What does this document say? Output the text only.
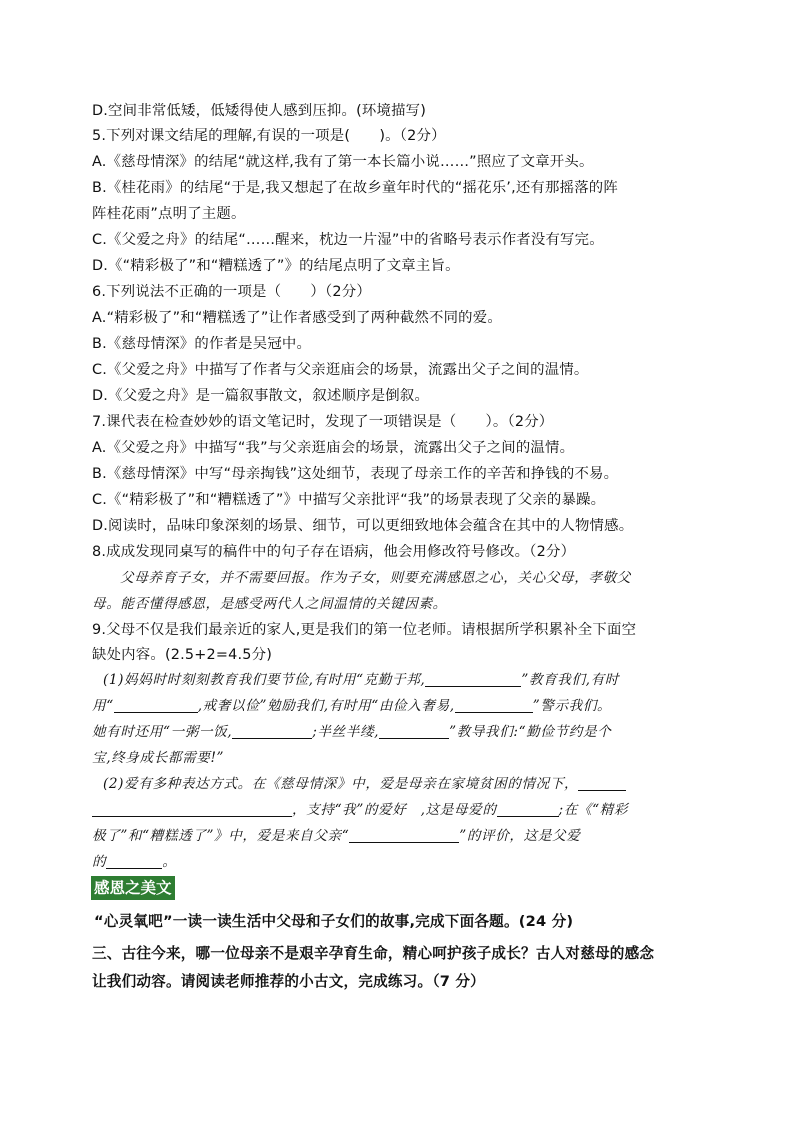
D.空间非常低矮，低矮得使人感到压抑。(环境描写)
5.下列对课文结尾的理解,有误的一项是(　　)。（2分）
A.《慈母情深》的结尾“就这样,我有了第一本长篇小说……”照应了文章开头。
B.《桂花雨》的结尾“于是,我又想起了在故乡童年时代的“摇花乐’,还有那摇落的阵
阵桂花雨”点明了主题。
C.《父爱之舟》的结尾“……醒来，枕边一片湿”中的省略号表示作者没有写完。
D.《“精彩极了”和“糟糕透了”》的结尾点明了文章主旨。
6.下列说法不正确的一项是（　　）（2分）
A.“精彩极了”和“糟糕透了”让作者感受到了两种截然不同的爱。
B.《慈母情深》的作者是吴冠中。
C.《父爱之舟》中描写了作者与父亲逛庙会的场景，流露出父子之间的温情。
D.《父爱之舟》是一篇叙事散文，叙述顺序是倒叙。
7.课代表在检查妙妙的语文笔记时，发现了一项错误是（　　）。（2分）
A.《父爱之舟》中描写“我”与父亲逛庙会的场景，流露出父子之间的温情。
B.《慈母情深》中写“母亲掏钱”这处细节，表现了母亲工作的辛苦和挣钱的不易。
C.《“精彩极了”和“糟糕透了”》中描写父亲批评“我”的场景表现了父亲的暴躁。
D.阅读时，品味印象深刻的场景、细节，可以更细致地体会蕴含在其中的人物情感。
8.成成发现同桌写的稿件中的句子存在语病，他会用修改符号修改。（2分）
父母养育子女，并不需要回报。作为子女，则要充满感恩之心，关心父母，孝敬父
母。能否懂得感恩，是感受两代人之间温情的关键因素。
9.父母不仅是我们最亲近的家人,更是我们的第一位老师。请根据所学积累补全下面空
缺处内容。(2.5+2=4.5分)
(1)妈妈时时刻刻教育我们要节俭,有时用“克勤于邦,	”教育我们,有时
用“	,戒奢以俭”勉励我们,有时用“由俭入奢易,	”警示我们。
她有时还用“一粥一饭,	;半丝半缕,	”教导我们:“勤俭节约是个
宝,终身成长都需要!”
(2)爱有多种表达方式。在《慈母情深》中，爱是母亲在家境贫困的情况下，
，支持“我”的爱好　,这是母爱的	;在《“精彩
极了”和“糟糕透了”》中，爱是来自父亲“	”的评价，这是父爱
的	。
感恩之美文
“心灵氧吧”一读一读生活中父母和子女们的故事,完成下面各题。(24 分)
三、古往今来，哪一位母亲不是艰辛孕育生命，精心呵护孩子成长？古人对慈母的感念
让我们动容。请阅读老师推荐的小古文，完成练习。（7 分）
